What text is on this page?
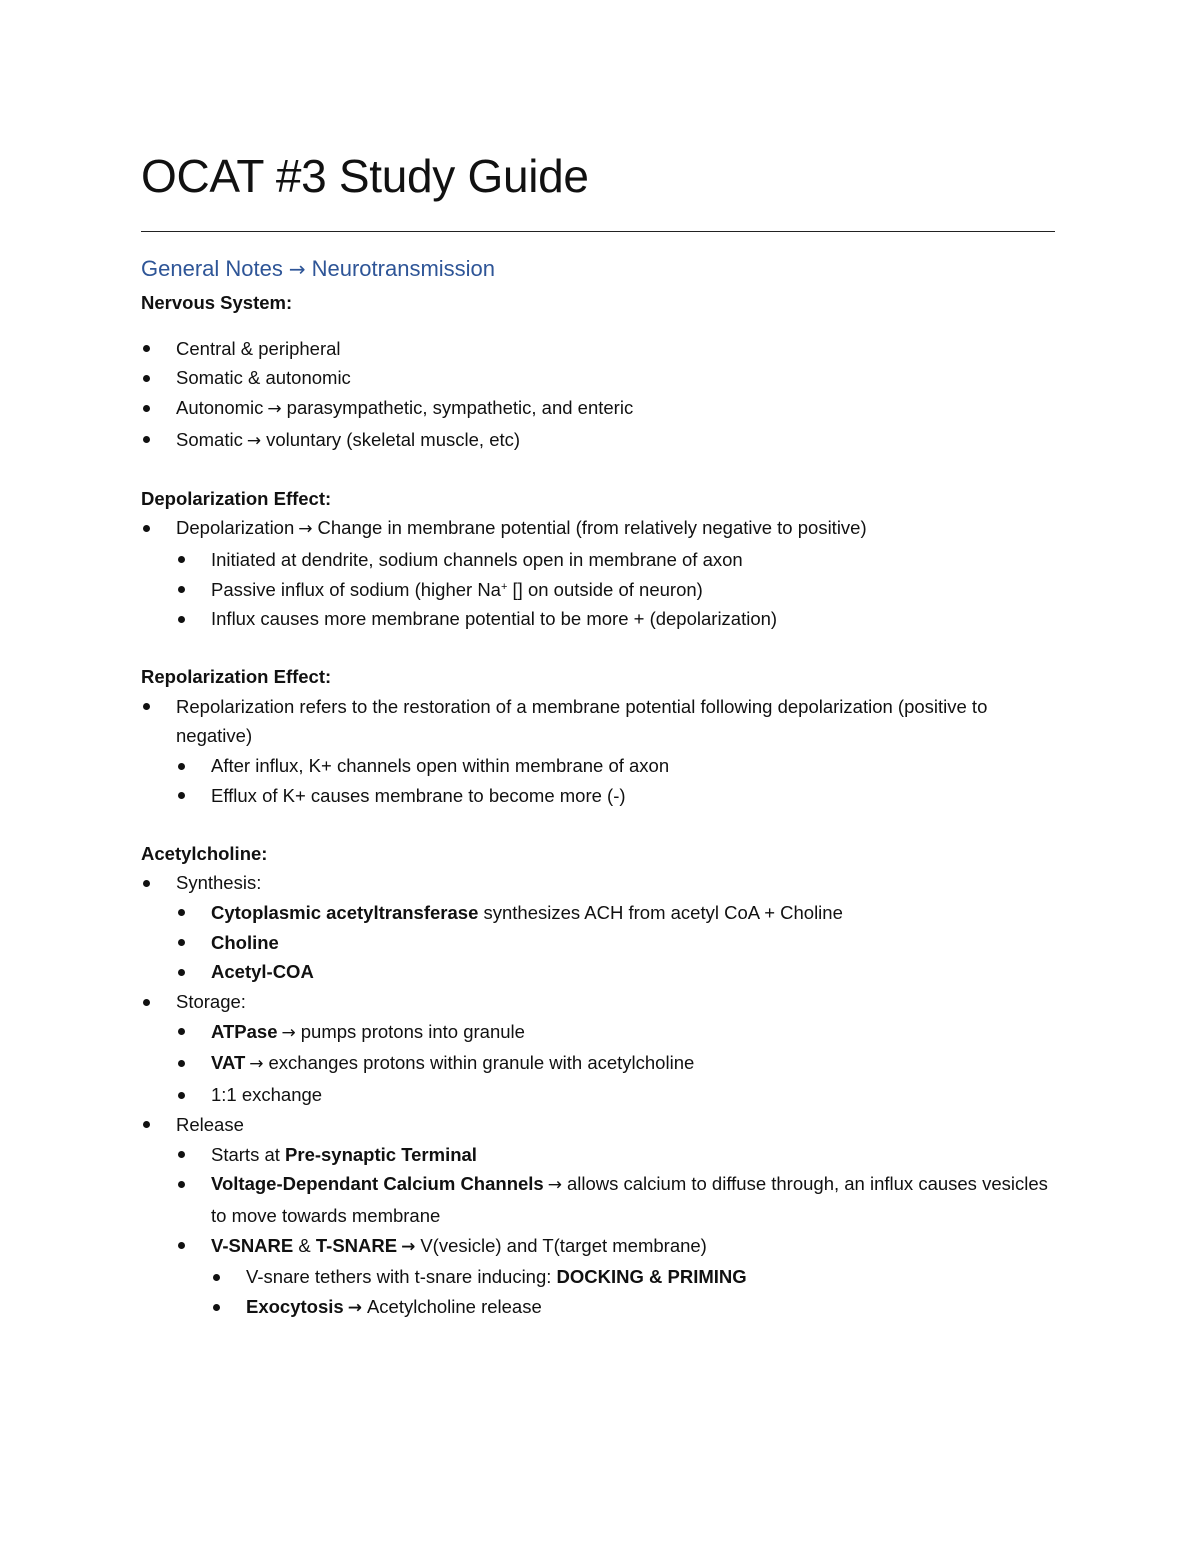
OCAT #3 Study Guide
General Notes → Neurotransmission

Nervous System:

Central & peripheral
Somatic & autonomic
Autonomic → parasympathetic, sympathetic, and enteric
Somatic → voluntary (skeletal muscle, etc)

Depolarization Effect:

Depolarization → Change in membrane potential (from relatively negative to positive)
Initiated at dendrite, sodium channels open in membrane of axon
Passive influx of sodium (higher Na+ [] on outside of neuron)
Influx causes more membrane potential to be more + (depolarization)

Repolarization Effect:

Repolarization refers to the restoration of a membrane potential following depolarization (positive to negative)
After influx, K+ channels open within membrane of axon
Efflux of K+ causes membrane to become more (-)

Acetylcholine:

Synthesis:
Cytoplasmic acetyltransferase synthesizes ACH from acetyl CoA + Choline
Choline
Acetyl-COA
Storage:
ATPase → pumps protons into granule
VAT → exchanges protons within granule with acetylcholine
1:1 exchange
Release
Starts at Pre-synaptic Terminal
Voltage-Dependant Calcium Channels → allows calcium to diffuse through, an influx causes vesicles to move towards membrane
V-SNARE & T-SNARE → V(vesicle) and T(target membrane)
V-snare tethers with t-snare inducing: DOCKING & PRIMING
Exocytosis → Acetylcholine release
